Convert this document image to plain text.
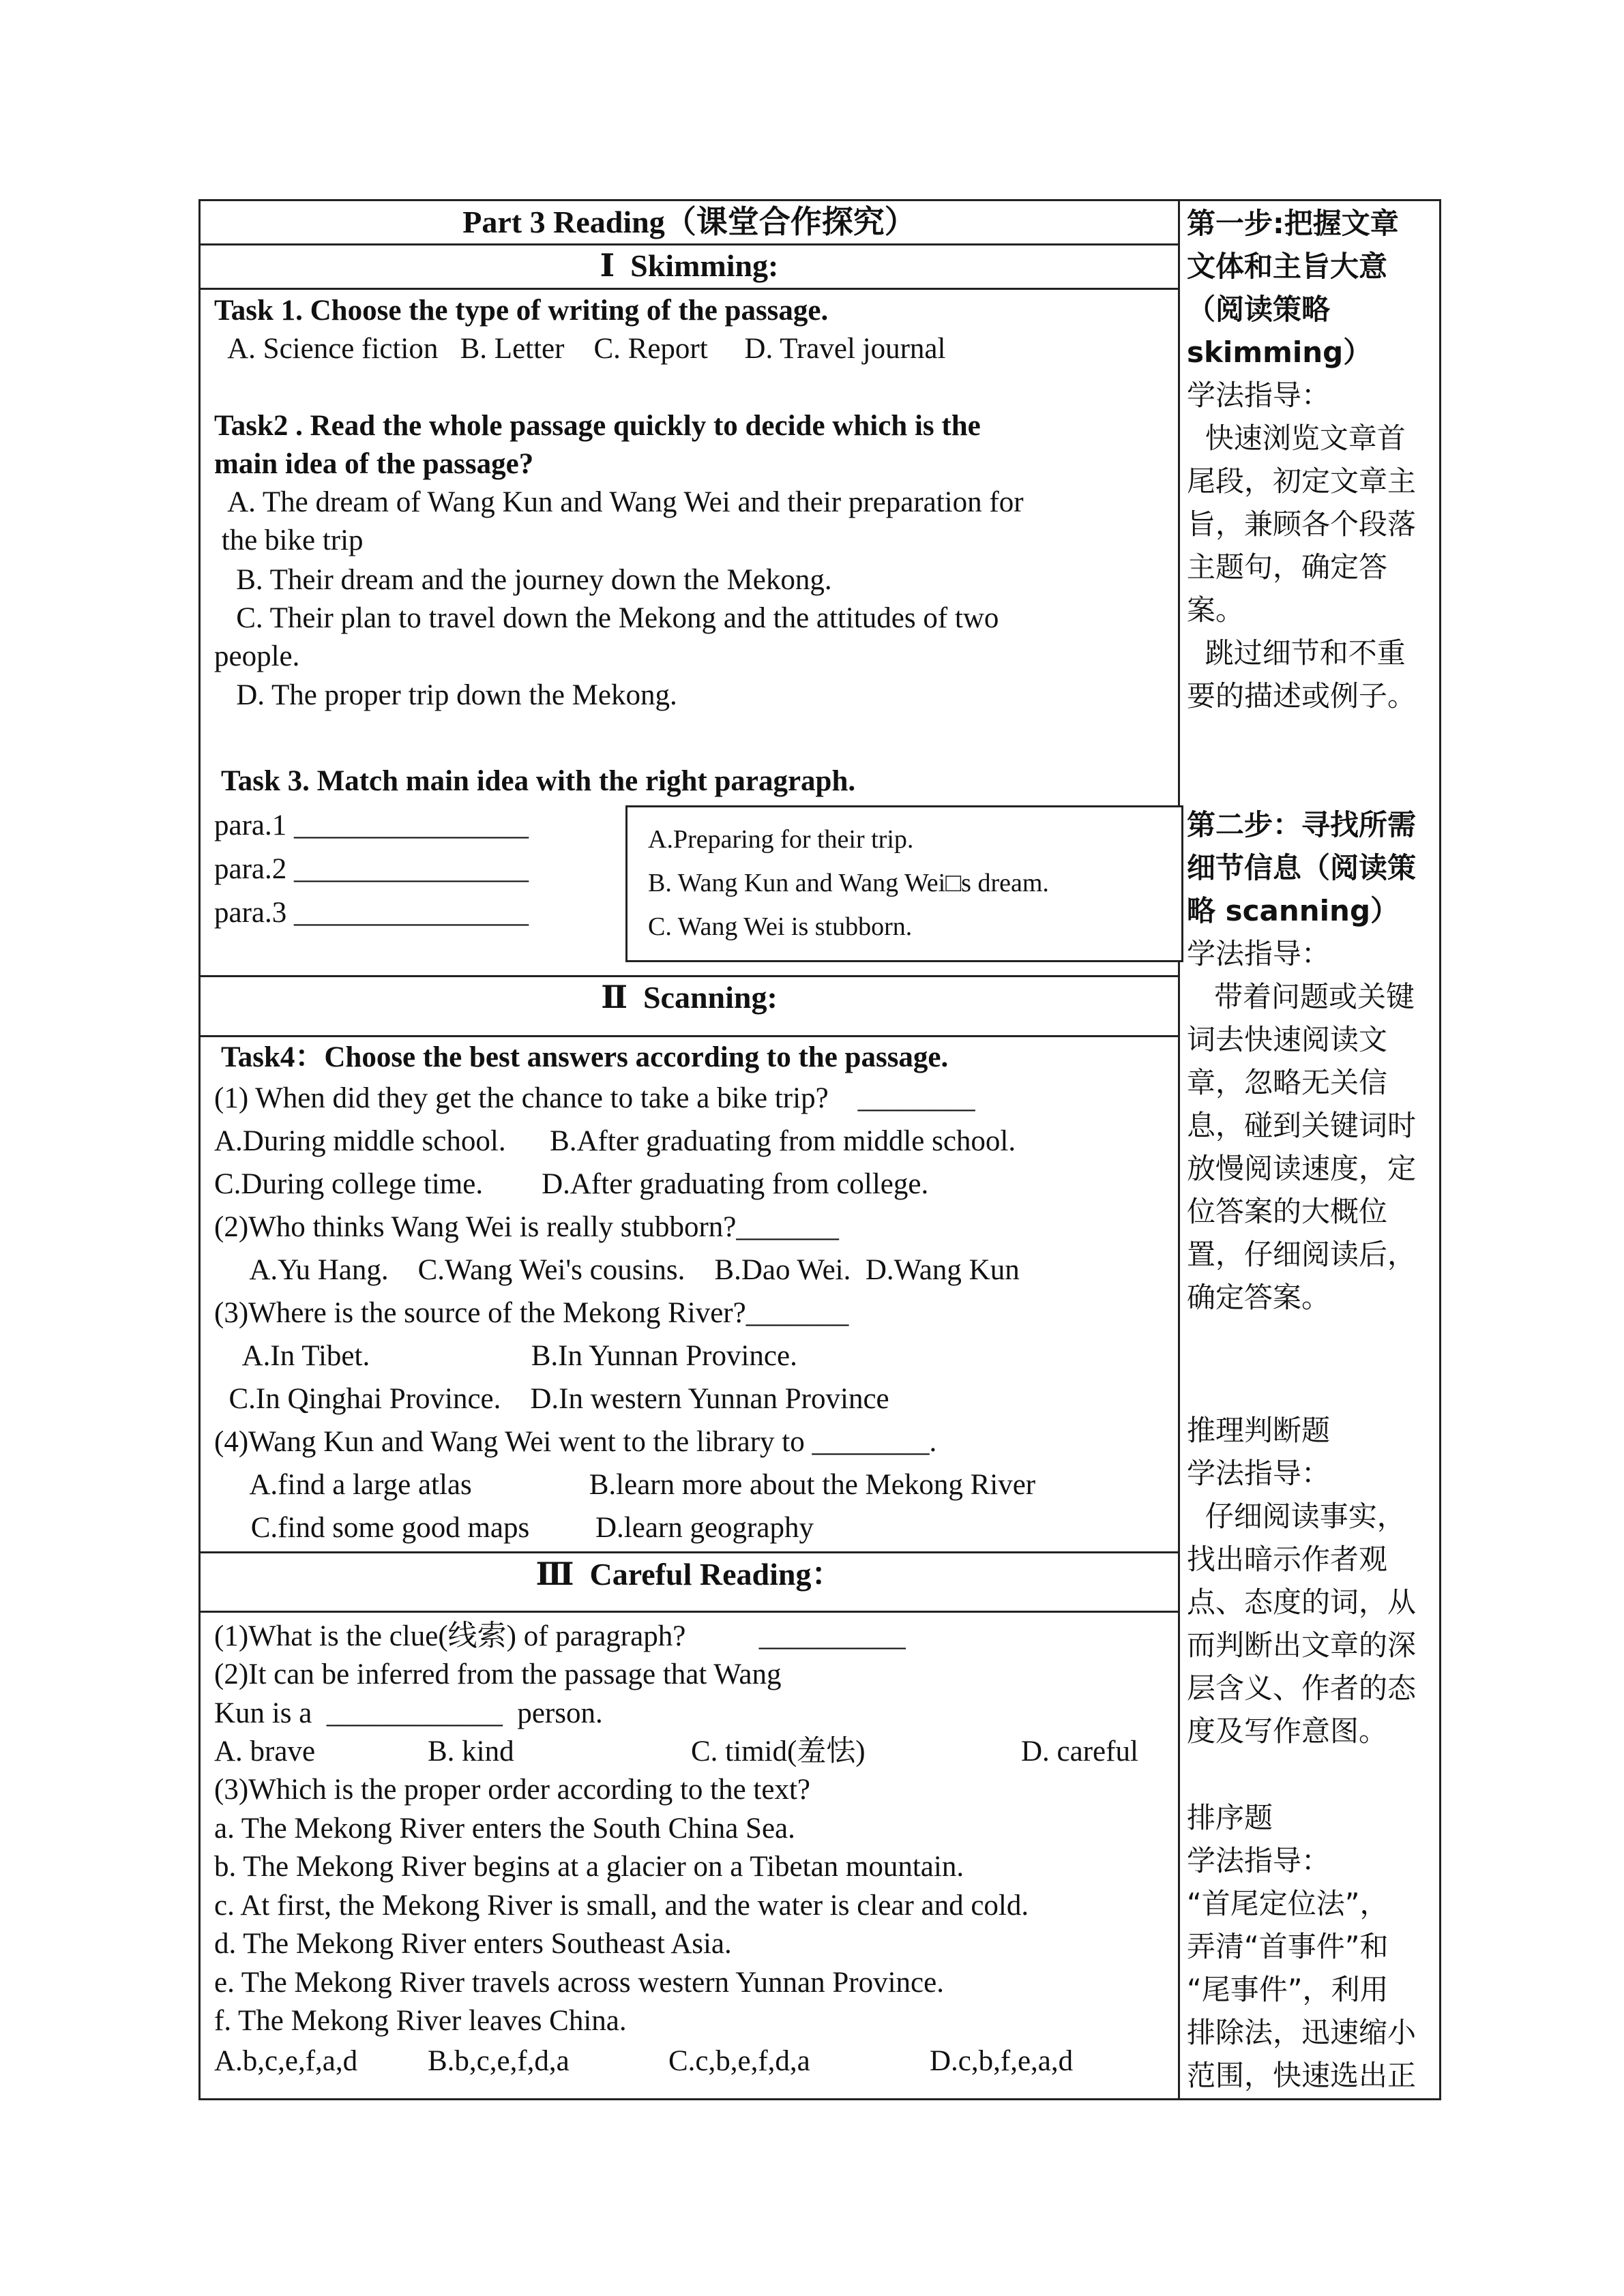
Part 3 Reading（课堂合作探究）
Ⅰ  Skimming:
Task 1. Choose the type of writing of the passage.
A. Science fiction   B. Letter    C. Report     D. Travel journal
Task2 . Read the whole passage quickly to decide which is the
main idea of the passage?
A. The dream of Wang Kun and Wang Wei and their preparation for
the bike trip
B. Their dream and the journey down the Mekong.
C. Their plan to travel down the Mekong and the attitudes of two
people.
D. The proper trip down the Mekong.
Task 3. Match main idea with the right paragraph.
para.1 ________________
para.2 ________________
para.3 ________________
A.Preparing for their trip.
B. Wang Kun and Wang Wei□s dream.
C. Wang Wei is stubborn.
Ⅱ  Scanning:
Task4：Choose the best answers according to the passage.
(1) When did they get the chance to take a bike trip?    ________
A.During middle school.      B.After graduating from middle school.
C.During college time.        D.After graduating from college.
(2)Who thinks Wang Wei is really stubborn?_______
A.Yu Hang.    C.Wang Wei's cousins.    B.Dao Wei.  D.Wang Kun
(3)Where is the source of the Mekong River?_______
A.In Tibet.                      B.In Yunnan Province.
C.In Qinghai Province.    D.In western Yunnan Province
(4)Wang Kun and Wang Wei went to the library to ________.
A.find a large atlas                B.learn more about the Mekong River
C.find some good maps         D.learn geography
Ⅲ  Careful Reading：
(1)What is the clue(线索) of paragraph?          __________
(2)It can be inferred from the passage that Wang
Kun is a  ____________  person.
A. brave	B. kind	C. timid(羞怯)	D. careful
(3)Which is the proper order according to the text?
a. The Mekong River enters the South China Sea.
b. The Mekong River begins at a glacier on a Tibetan mountain.
c. At first, the Mekong River is small, and the water is clear and cold.
d. The Mekong River enters Southeast Asia.
e. The Mekong River travels across western Yunnan Province.
f. The Mekong River leaves China.
A.b,c,e,f,a,d B.b,c,e,f,d,a	C.c,b,e,f,d,a	D.c,b,f,e,a,d
第一步:把握文章
文体和主旨大意
（阅读策略
skimming）
学法指导：
快速浏览文章首
尾段，初定文章主
旨，兼顾各个段落
主题句，确定答
案。
跳过细节和不重
要的描述或例子。
第二步：寻找所需
细节信息（阅读策
略 scanning）
学法指导：
带着问题或关键
词去快速阅读文
章，忽略无关信
息，碰到关键词时
放慢阅读速度，定
位答案的大概位
置，仔细阅读后，
确定答案。
推理判断题
学法指导：
仔细阅读事实，
找出暗示作者观
点、态度的词，从
而判断出文章的深
层含义、作者的态
度及写作意图。
排序题
学法指导：
“首尾定位法”，
弄清“首事件”和
“尾事件”，利用
排除法，迅速缩小
范围，快速选出正
